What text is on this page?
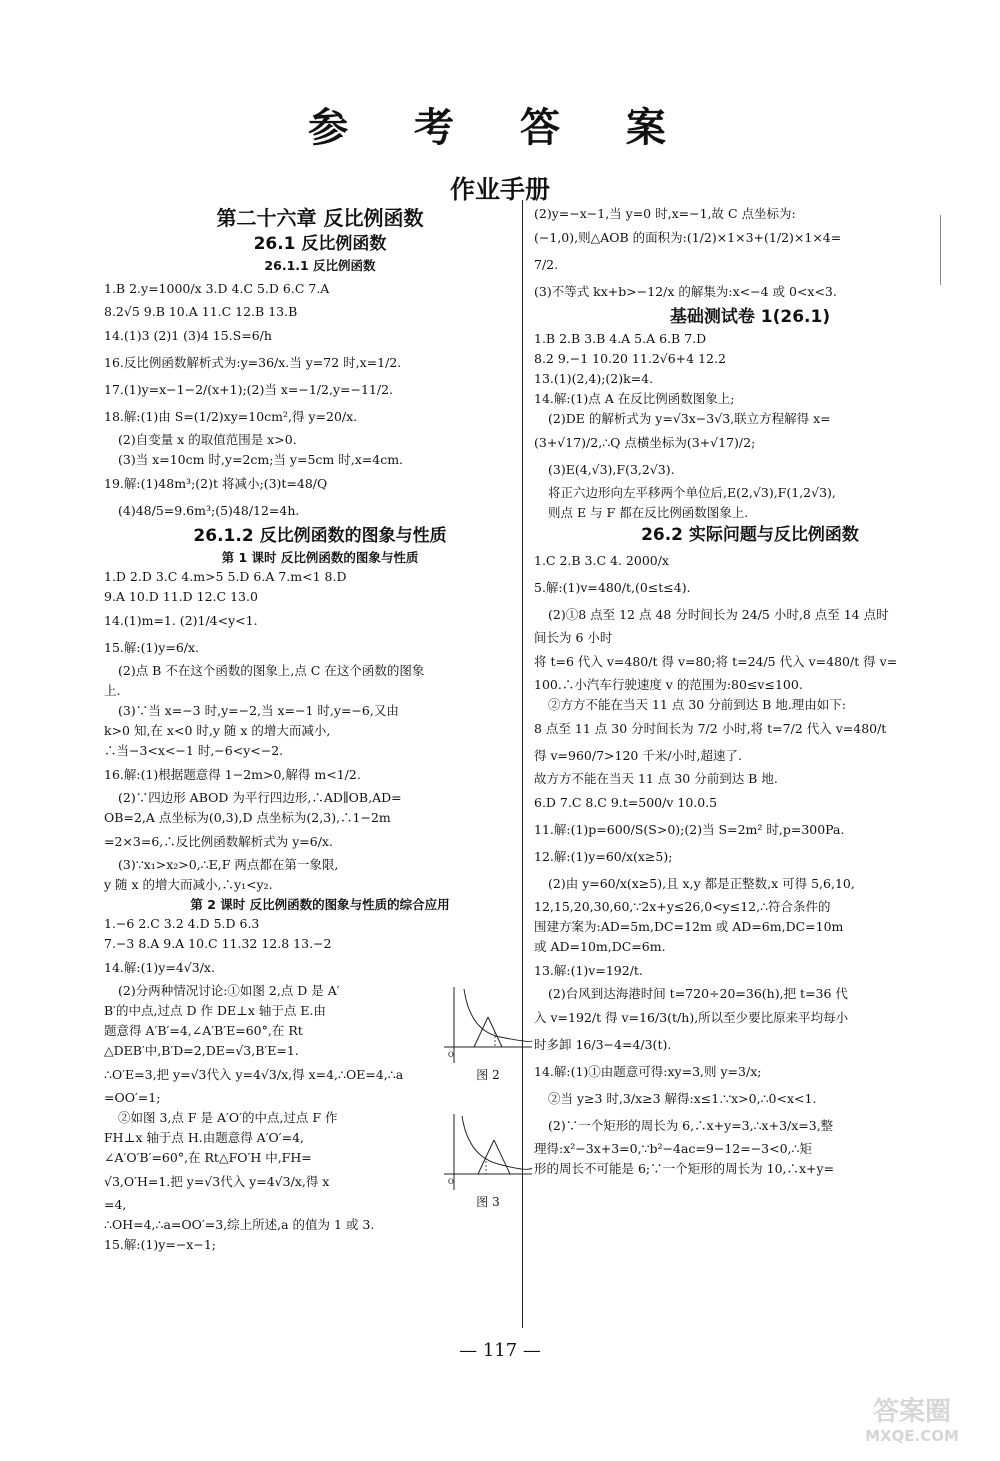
参 考 答 案
作业手册

第二十六章 反比例函数

26.1 反比例函数

26.1.1 反比例函数

1.B 2.y=1000/x 3.D 4.C 5.D 6.C 7.A

8.2√5 9.B 10.A 11.C 12.B 13.B

14.(1)3 (2)1 (3)4 15.S=6/h

16.反比例函数解析式为:y=36/x.当 y=72 时,x=1/2.

17.(1)y=x−1−2/(x+1);(2)当 x=−1/2,y=−11/2.

18.解:(1)由 S=(1/2)xy=10cm²,得 y=20/x.

(2)自变量 x 的取值范围是 x>0.

(3)当 x=10cm 时,y=2cm;当 y=5cm 时,x=4cm.

19.解:(1)48m³;(2)t 将减小;(3)t=48/Q

(4)48/5=9.6m³;(5)48/12=4h.

26.1.2 反比例函数的图象与性质

第 1 课时 反比例函数的图象与性质

1.D 2.D 3.C 4.m>5 5.D 6.A 7.m<1 8.D

9.A 10.D 11.D 12.C 13.0

14.(1)m=1. (2)1/4<y<1.

15.解:(1)y=6/x.

(2)点 B 不在这个函数的图象上,点 C 在这个函数的图象

上.

(3)∵当 x=−3 时,y=−2,当 x=−1 时,y=−6,又由

k>0 知,在 x<0 时,y 随 x 的增大而减小,

∴当−3<x<−1 时,−6<y<−2.

16.解:(1)根据题意得 1−2m>0,解得 m<1/2.

(2)∵四边形 ABOD 为平行四边形,∴AD∥OB,AD=

OB=2,A 点坐标为(0,3),D 点坐标为(2,3),∴1−2m

=2×3=6,∴反比例函数解析式为 y=6/x.

(3)∵x₁>x₂>0,∴E,F 两点都在第一象限,

y 随 x 的增大而减小,∴y₁<y₂.

第 2 课时 反比例函数的图象与性质的综合应用

1.−6 2.C 3.2 4.D 5.D 6.3

7.−3 8.A 9.A 10.C 11.32 12.8 13.−2

14.解:(1)y=4√3/x.

O
图 2

(2)分两种情况讨论:①如图 2,点 D 是 A′

B′的中点,过点 D 作 DE⊥x 轴于点 E.由

题意得 A′B′=4,∠A′B′E=60°,在 Rt

△DEB′中,B′D=2,DE=√3,B′E=1.

∴O′E=3,把 y=√3代入 y=4√3/x,得 x=4,∴OE=4,∴a

=OO′=1;

O
图 3

②如图 3,点 F 是 A′O′的中点,过点 F 作

FH⊥x 轴于点 H.由题意得 A′O′=4,

∠A′O′B′=60°,在 Rt△FO′H 中,FH=

√3,O′H=1.把 y=√3代入 y=4√3/x,得 x

=4,

∴OH=4,∴a=OO′=3,综上所述,a 的值为 1 或 3.

15.解:(1)y=−x−1;

(2)y=−x−1,当 y=0 时,x=−1,故 C 点坐标为:

(−1,0),则△AOB 的面积为:(1/2)×1×3+(1/2)×1×4=

7/2.

(3)不等式 kx+b>−12/x 的解集为:x<−4 或 0<x<3.

基础测试卷 1(26.1)

1.B 2.B 3.B 4.A 5.A 6.B 7.D

8.2 9.−1 10.20 11.2√6+4 12.2

13.(1)(2,4);(2)k=4.

14.解:(1)点 A 在反比例函数图象上;

(2)DE 的解析式为 y=√3x−3√3,联立方程解得 x=

(3+√17)/2,∴Q 点横坐标为(3+√17)/2;

(3)E(4,√3),F(3,2√3).

将正六边形向左平移两个单位后,E(2,√3),F(1,2√3),

则点 E 与 F 都在反比例函数图象上.

26.2 实际问题与反比例函数

1.C 2.B 3.C 4. 2000/x

5.解:(1)v=480/t,(0≤t≤4).

(2)①8 点至 12 点 48 分时间长为 24/5 小时,8 点至 14 点时

间长为 6 小时

将 t=6 代入 v=480/t 得 v=80;将 t=24/5 代入 v=480/t 得 v=

100.∴小汽车行驶速度 v 的范围为:80≤v≤100.

②方方不能在当天 11 点 30 分前到达 B 地.理由如下:

8 点至 11 点 30 分时间长为 7/2 小时,将 t=7/2 代入 v=480/t

得 v=960/7>120 千米/小时,超速了.

故方方不能在当天 11 点 30 分前到达 B 地.

6.D 7.C 8.C 9.t=500/v 10.0.5

11.解:(1)p=600/S(S>0);(2)当 S=2m² 时,p=300Pa.

12.解:(1)y=60/x(x≥5);

(2)由 y=60/x(x≥5),且 x,y 都是正整数,x 可得 5,6,10,

12,15,20,30,60,∵2x+y≤26,0<y≤12,∴符合条件的

围建方案为:AD=5m,DC=12m 或 AD=6m,DC=10m

或 AD=10m,DC=6m.

13.解:(1)v=192/t.

(2)台风到达海港时间 t=720÷20=36(h),把 t=36 代

入 v=192/t 得 v=16/3(t/h),所以至少要比原来平均每小

时多卸 16/3−4=4/3(t).

14.解:(1)①由题意可得:xy=3,则 y=3/x;

②当 y≥3 时,3/x≥3 解得:x≤1.∵x>0,∴0<x<1.

(2)∵一个矩形的周长为 6,∴x+y=3,∴x+3/x=3,整

理得:x²−3x+3=0,∵b²−4ac=9−12=−3<0,∴矩

形的周长不可能是 6;∵一个矩形的周长为 10,∴x+y=

— 117 —
答案圈
MXQE.COM
